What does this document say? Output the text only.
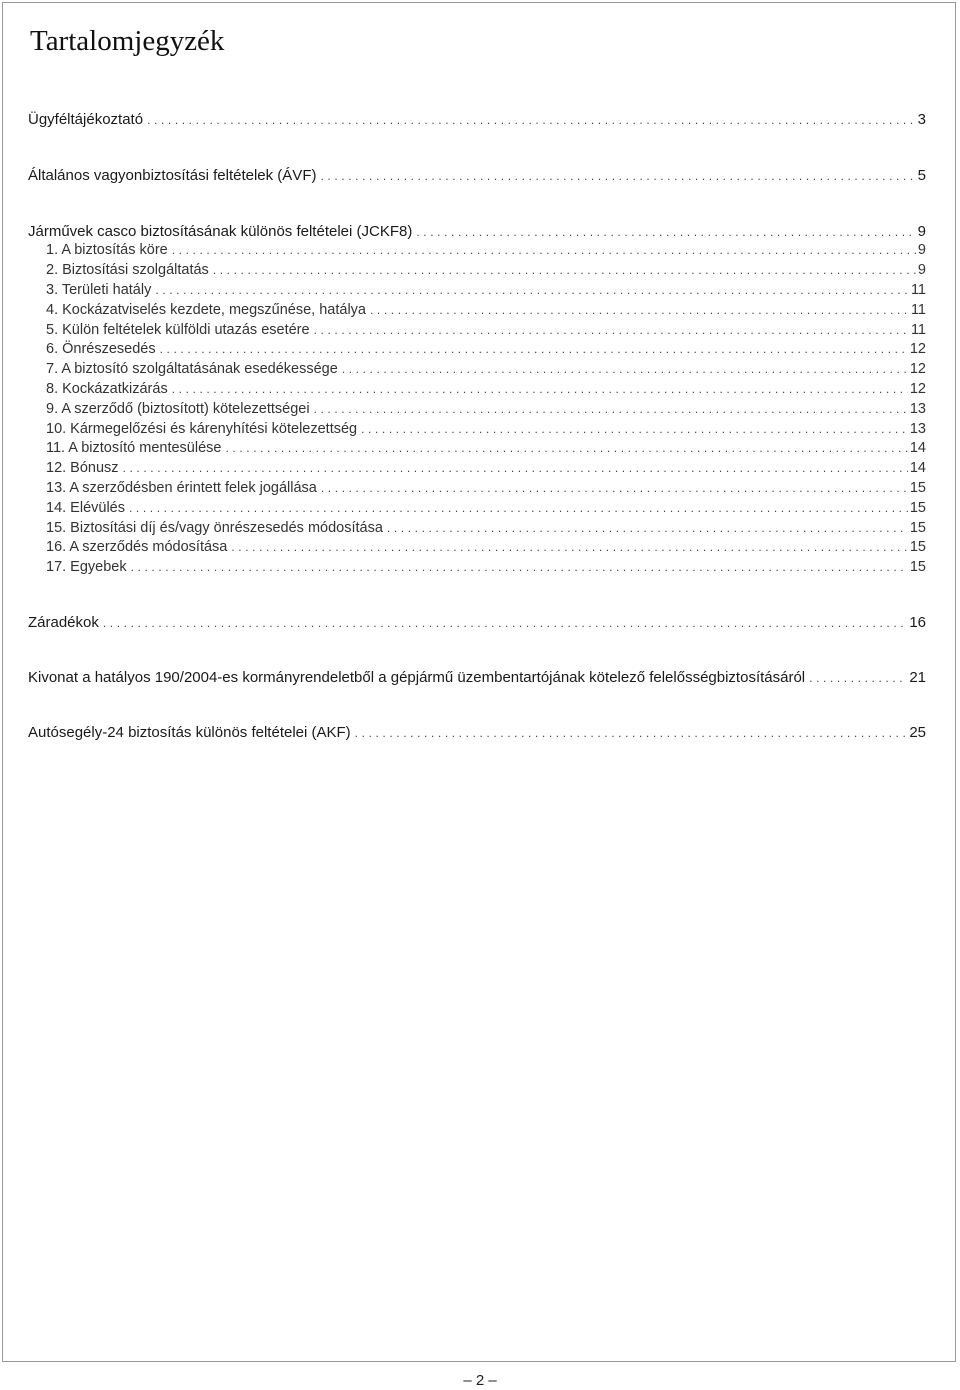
Tartalomjegyzék
Ügyféltájékoztató .....	3
Általános vagyonbiztosítási feltételek (ÁVF) .....	5
Járművek casco biztosításának különös feltételei (JCKF8) .....	9
1. A biztosítás köre .....	9
2. Biztosítási szolgáltatás .....	9
3. Területi hatály .....	11
4. Kockázatviselés kezdete, megszűnése, hatálya .....	11
5. Külön feltételek külföldi utazás esetére .....	11
6. Önrészesedés .....	12
7. A biztosító szolgáltatásának esedékessége .....	12
8. Kockázatkizárás .....	12
9. A szerződő (biztosított) kötelezettségei .....	13
10. Kármegelőzési és kárenyhítési kötelezettség .....	13
11. A biztosító mentesülése .....	14
12. Bónusz .....	14
13. A szerződésben érintett felek jogállása .....	15
14. Elévülés .....	15
15. Biztosítási díj és/vagy önrészesedés módosítása .....	15
16. A szerződés módosítása .....	15
17. Egyebek .....	15
Záradékok .....	16
Kivonat a hatályos 190/2004-es kormányrendeletből a gépjármű üzembentartójának kötelező felelősségbiztosításáról .....	21
Autósegély-24 biztosítás különös feltételei (AKF) .....	25
– 2 –
